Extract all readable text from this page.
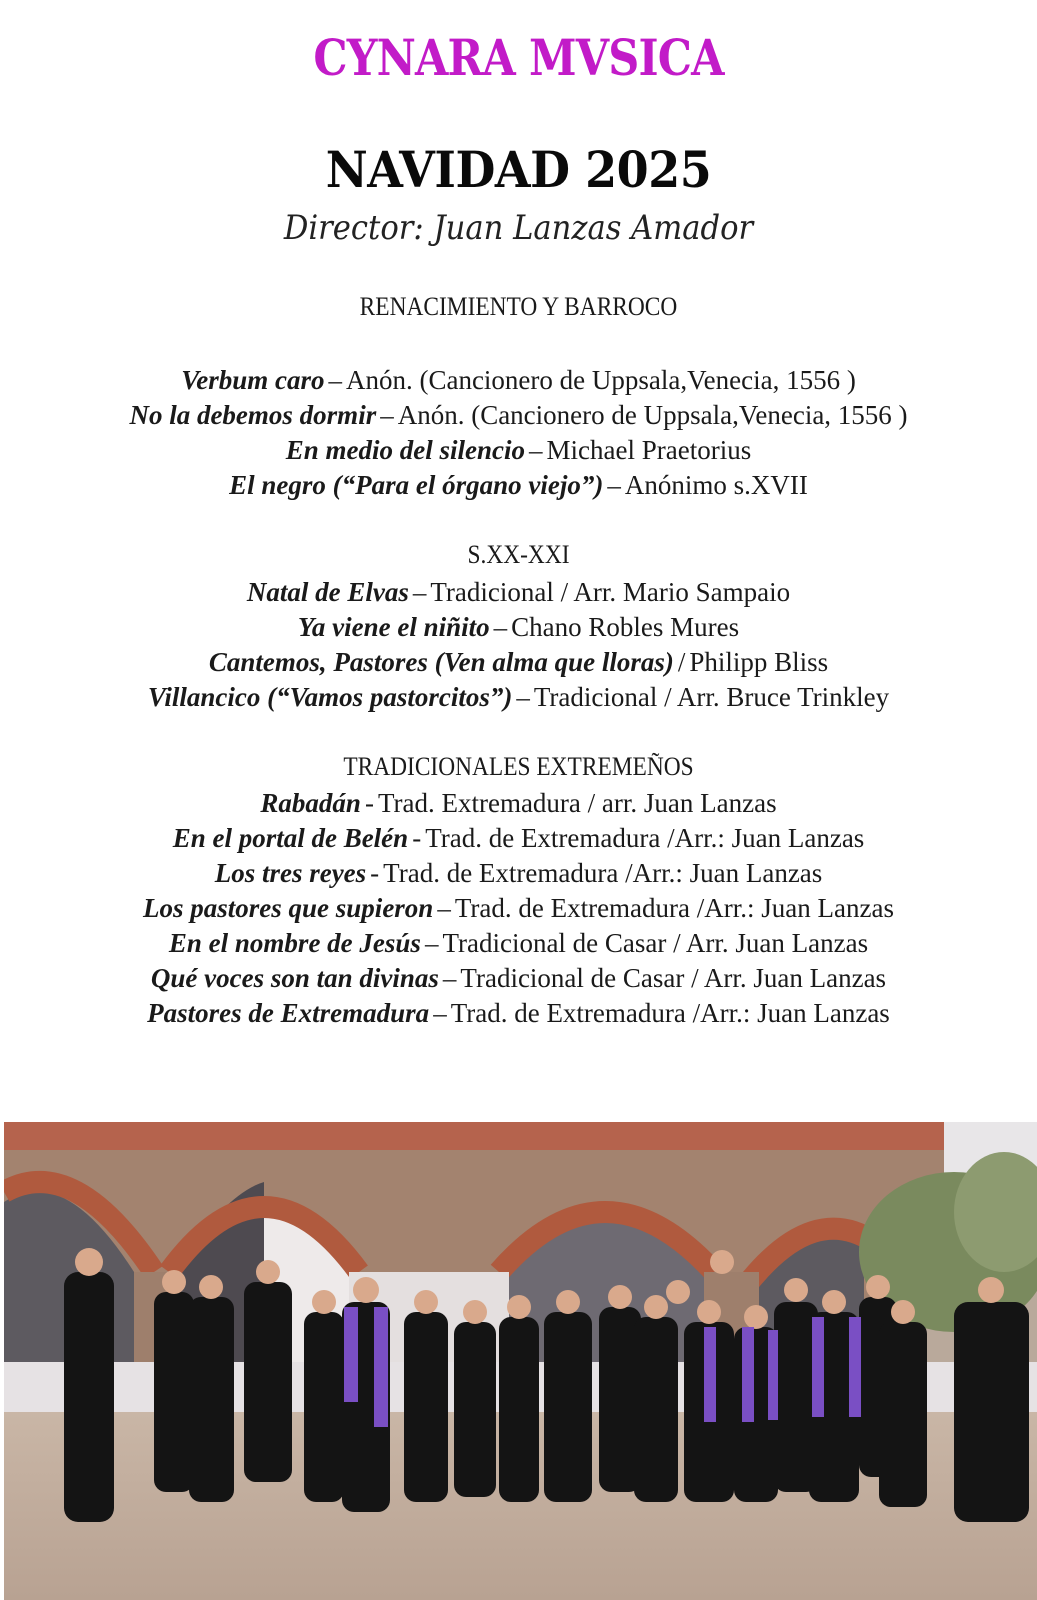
CYNARA MVSICA
NAVIDAD 2025
Director: Juan Lanzas Amador
RENACIMIENTO Y BARROCO
Verbum caro – Anón. (Cancionero de Uppsala,Venecia, 1556 )
No la debemos dormir – Anón. (Cancionero de Uppsala,Venecia, 1556 )
En medio del silencio – Michael Praetorius
El negro (“Para el órgano viejo”) – Anónimo s.XVII
S.XX-XXI
Natal de Elvas – Tradicional / Arr. Mario Sampaio
Ya viene el niñito – Chano Robles Mures
Cantemos, Pastores (Ven alma que lloras) / Philipp Bliss
Villancico (“Vamos pastorcitos”) – Tradicional / Arr. Bruce Trinkley
TRADICIONALES EXTREMEÑOS
Rabadán - Trad. Extremadura / arr. Juan Lanzas
En el portal de Belén - Trad. de Extremadura /Arr.: Juan Lanzas
Los tres reyes - Trad. de Extremadura /Arr.: Juan Lanzas
Los pastores que supieron – Trad. de Extremadura /Arr.: Juan Lanzas
En el nombre de Jesús – Tradicional de Casar / Arr. Juan Lanzas
Qué voces son tan divinas – Tradicional de Casar / Arr. Juan Lanzas
Pastores de Extremadura – Trad. de Extremadura /Arr.: Juan Lanzas
